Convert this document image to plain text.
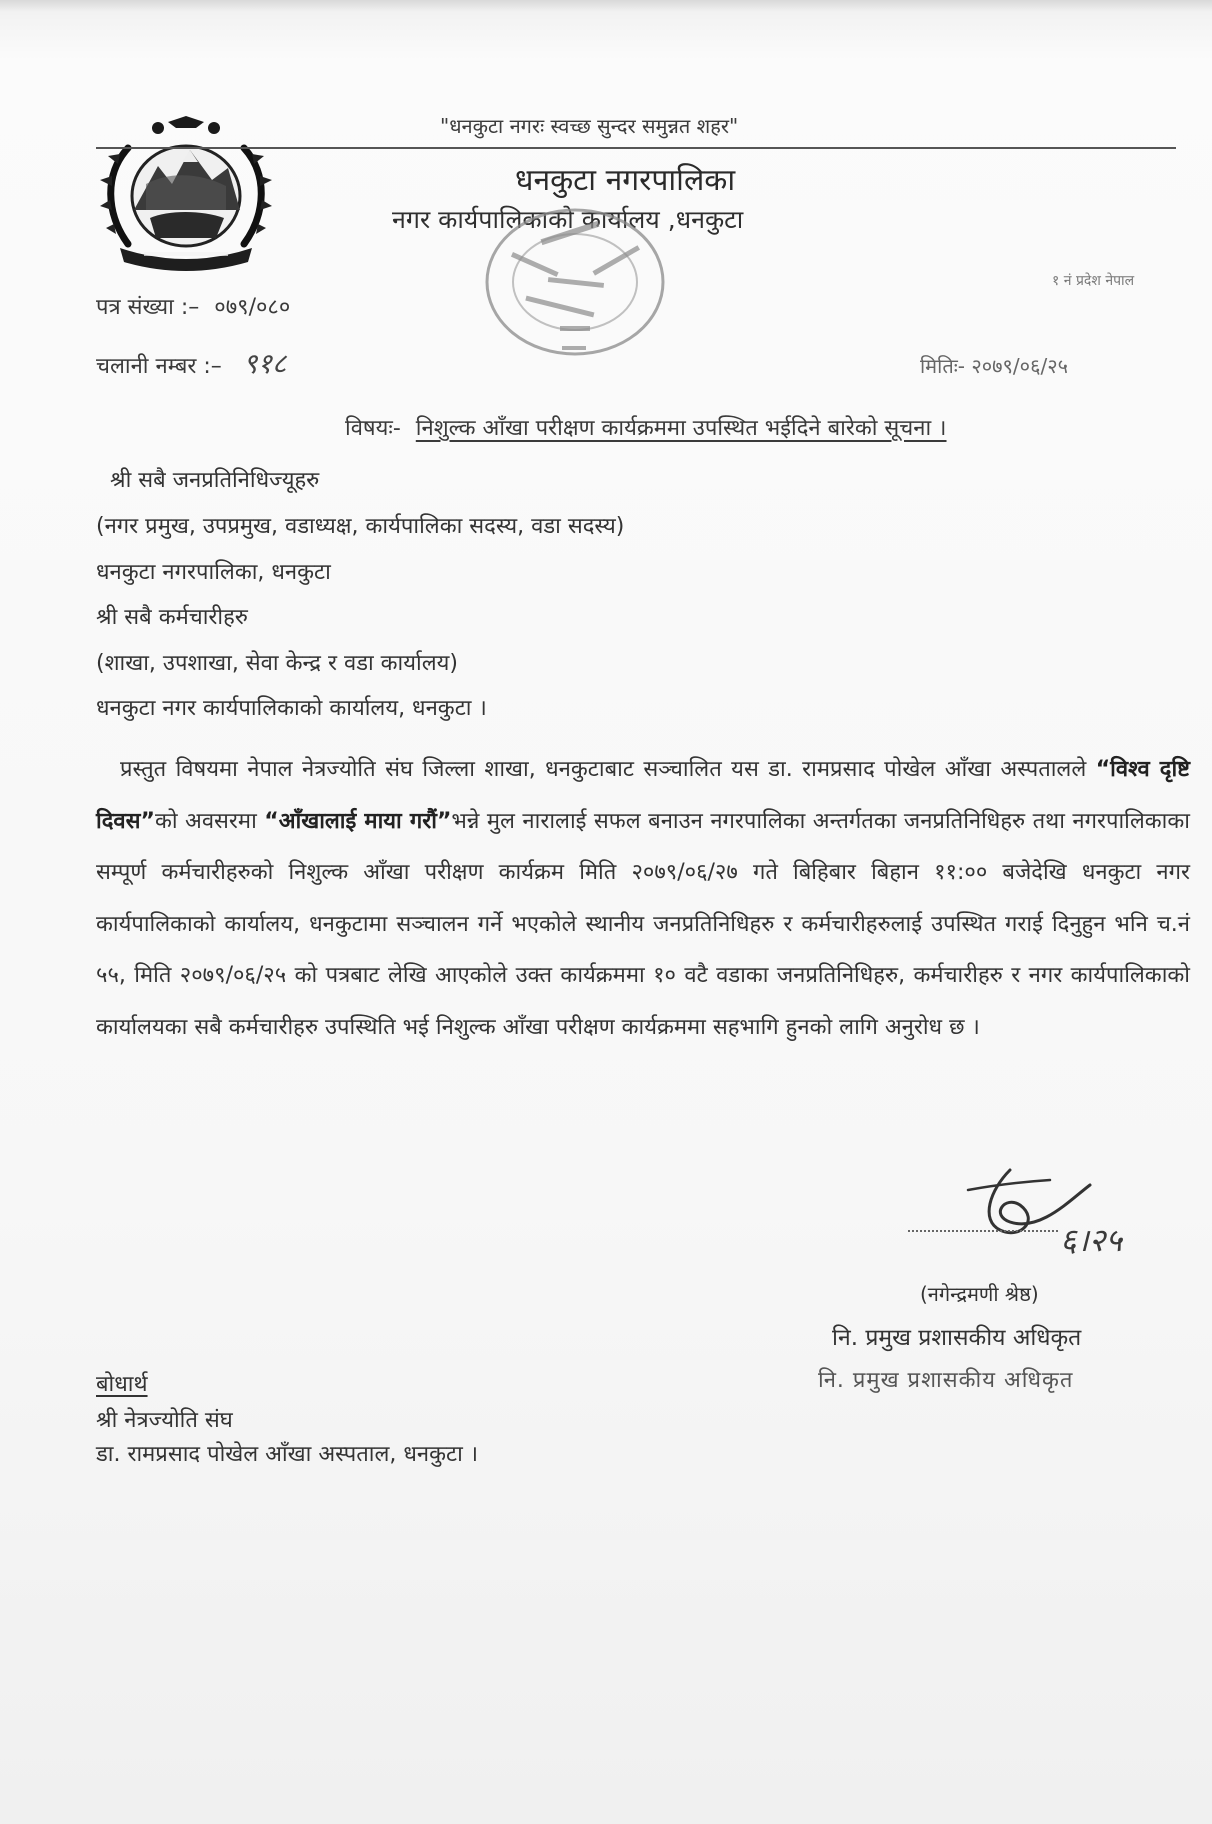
"धनकुटा नगरः स्वच्छ सुन्दर समुन्नत शहर"
धनकुटा नगरपालिका
नगर कार्यपालिकाको कार्यालय ,धनकुटा
१ नं प्रदेश नेपाल
पत्र संख्या :– ०७९/०८०
चलानी नम्बर :– ९१८	मितिः- २०७९/०६/२५
विषयः- निशुल्क आँखा परीक्षण कार्यक्रममा उपस्थित भईदिने बारेको सूचना ।
श्री सबै जनप्रतिनिधिज्यूहरु
(नगर प्रमुख, उपप्रमुख, वडाध्यक्ष, कार्यपालिका सदस्य, वडा सदस्य)
धनकुटा नगरपालिका, धनकुटा
श्री सबै कर्मचारीहरु
(शाखा, उपशाखा, सेवा केन्द्र र वडा कार्यालय)
धनकुटा नगर कार्यपालिकाको कार्यालय, धनकुटा ।
प्रस्तुत विषयमा नेपाल नेत्रज्योति संघ जिल्ला शाखा, धनकुटाबाट सञ्चालित यस डा. रामप्रसाद पोखेल आँखा अस्पतालले “विश्व दृष्टि दिवस”को अवसरमा “आँखालाई माया गरौं”भन्ने मुल नारालाई सफल बनाउन नगरपालिका अन्तर्गतका जनप्रतिनिधिहरु तथा नगरपालिकाका सम्पूर्ण कर्मचारीहरुको निशुल्क आँखा परीक्षण कार्यक्रम मिति २०७९/०६/२७ गते बिहिबार बिहान ११:०० बजेदेखि धनकुटा नगर कार्यपालिकाको कार्यालय, धनकुटामा सञ्चालन गर्ने भएकोले स्थानीय जनप्रतिनिधिहरु र कर्मचारीहरुलाई उपस्थित गराई दिनुहुन भनि च.नं ५५, मिति २०७९/०६/२५ को पत्रबाट लेखि आएकोले उक्त कार्यक्रममा १० वटै वडाका जनप्रतिनिधिहरु, कर्मचारीहरु र नगर कार्यपालिकाको कार्यालयका सबै कर्मचारीहरु उपस्थिति भई निशुल्क आँखा परीक्षण कार्यक्रममा सहभागि हुनको लागि अनुरोध छ ।
६।२५
(नगेन्द्रमणी श्रेष्ठ)
नि. प्रमुख प्रशासकीय अधिकृत
नि. प्रमुख प्रशासकीय अधिकृत
बोधार्थ
श्री नेत्रज्योति संघ
डा. रामप्रसाद पोखेल आँखा अस्पताल, धनकुटा ।
